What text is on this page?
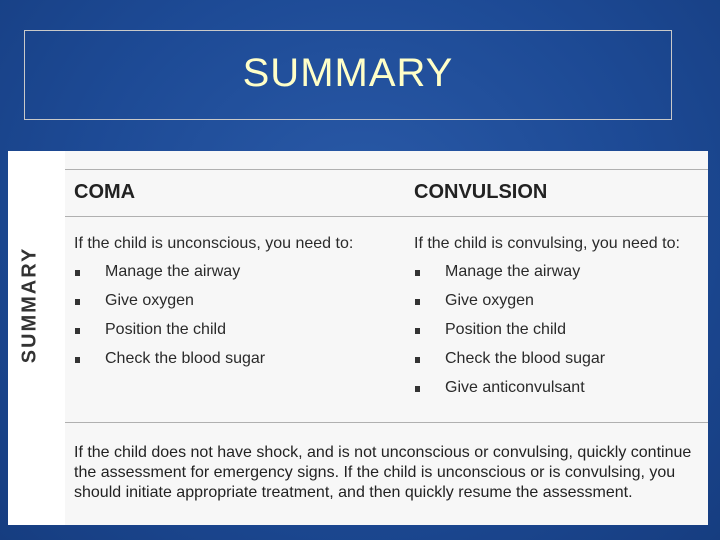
SUMMARY
SUMMARY
COMA	CONVULSION
If the child is unconscious, you need to:	If the child is convulsing, you need to:
Manage the airway
Give oxygen
Position the child
Check the blood sugar
Manage the airway
Give oxygen
Position the child
Check the blood sugar
Give anticonvulsant
If the child does not have shock, and is not unconscious or convulsing, quickly continue the assessment for emergency signs. If the child is unconscious or is convulsing, you should initiate appropriate treatment, and then quickly resume the assessment.
